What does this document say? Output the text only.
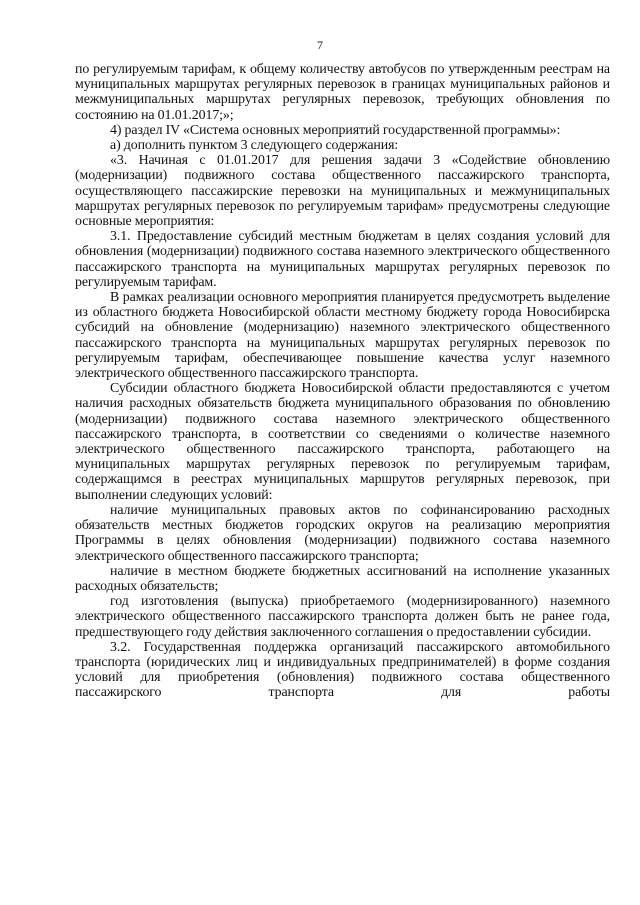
7

по регулируемым тарифам, к общему количеству автобусов по утвержденным реестрам на муниципальных маршрутах регулярных перевозок в границах муниципальных районов и межмуниципальных маршрутах регулярных перевозок, требующих обновления по состоянию на 01.01.2017;»;

4) раздел IV «Система основных мероприятий государственной программы»:

а) дополнить пунктом 3 следующего содержания:

«3. Начиная с 01.01.2017 для решения задачи 3 «Содействие обновлению (модернизации) подвижного состава общественного пассажирского транспорта, осуществляющего пассажирские перевозки на муниципальных и межмуниципальных маршрутах регулярных перевозок по регулируемым тарифам» предусмотрены следующие основные мероприятия:

3.1. Предоставление субсидий местным бюджетам в целях создания условий для обновления (модернизации) подвижного состава наземного электрического общественного пассажирского транспорта на муниципальных маршрутах регулярных перевозок по регулируемым тарифам.

В рамках реализации основного мероприятия планируется предусмотреть выделение из областного бюджета Новосибирской области местному бюджету города Новосибирска субсидий на обновление (модернизацию) наземного электрического общественного пассажирского транспорта на муниципальных маршрутах регулярных перевозок по регулируемым тарифам, обеспечивающее повышение качества услуг наземного электрического общественного пассажирского транспорта.

Субсидии областного бюджета Новосибирской области предоставляются с учетом наличия расходных обязательств бюджета муниципального образования по обновлению (модернизации) подвижного состава наземного электрического общественного пассажирского транспорта, в соответствии со сведениями о количестве наземного электрического общественного пассажирского транспорта, работающего на муниципальных маршрутах регулярных перевозок по регулируемым тарифам, содержащимся в реестрах муниципальных маршрутов регулярных перевозок, при выполнении следующих условий:

наличие муниципальных правовых актов по софинансированию расходных обязательств местных бюджетов городских округов на реализацию мероприятия Программы в целях обновления (модернизации) подвижного состава наземного электрического общественного пассажирского транспорта;

наличие в местном бюджете бюджетных ассигнований на исполнение указанных расходных обязательств;

год изготовления (выпуска) приобретаемого (модернизированного) наземного электрического общественного пассажирского транспорта должен быть не ранее года, предшествующего году действия заключенного соглашения о предоставлении субсидии.

3.2. Государственная поддержка организаций пассажирского автомобильного транспорта (юридических лиц и индивидуальных предпринимателей) в форме создания условий для приобретения (обновления) подвижного состава общественного пассажирского транспорта для работы
